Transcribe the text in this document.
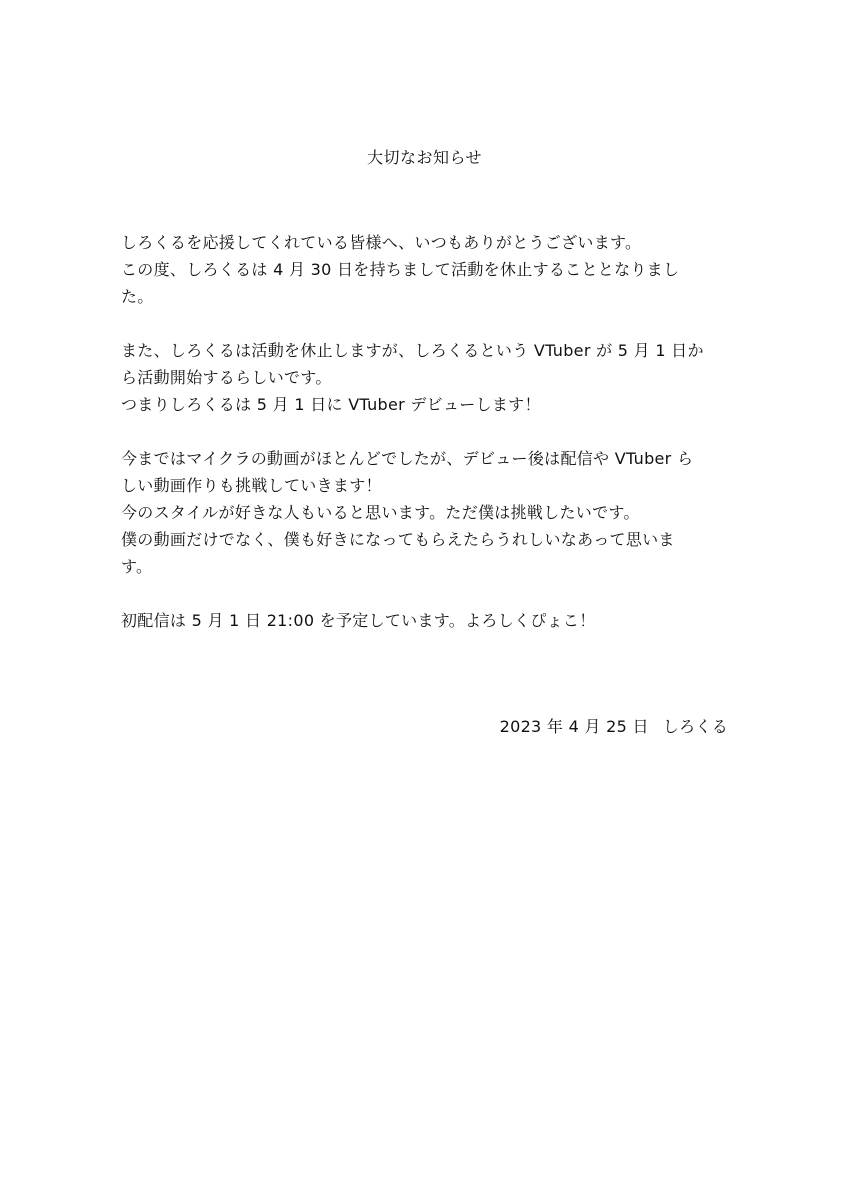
大切なお知らせ

しろくるを応援してくれている皆様へ、いつもありがとうございます。
この度、しろくるは 4 月 30 日を持ちまして活動を休止することとなりまし
た。

また、しろくるは活動を休止しますが、しろくるという VTuber が 5 月 1 日か
ら活動開始するらしいです。
つまりしろくるは 5 月 1 日に VTuber デビューします！

今まではマイクラの動画がほとんどでしたが、デビュー後は配信や VTuber ら
しい動画作りも挑戦していきます！
今のスタイルが好きな人もいると思います。ただ僕は挑戦したいです。
僕の動画だけでなく、僕も好きになってもらえたらうれしいなあって思いま
す。

初配信は 5 月 1 日 21:00 を予定しています。よろしくぴょこ！

2023 年 4 月 25 日 しろくる
